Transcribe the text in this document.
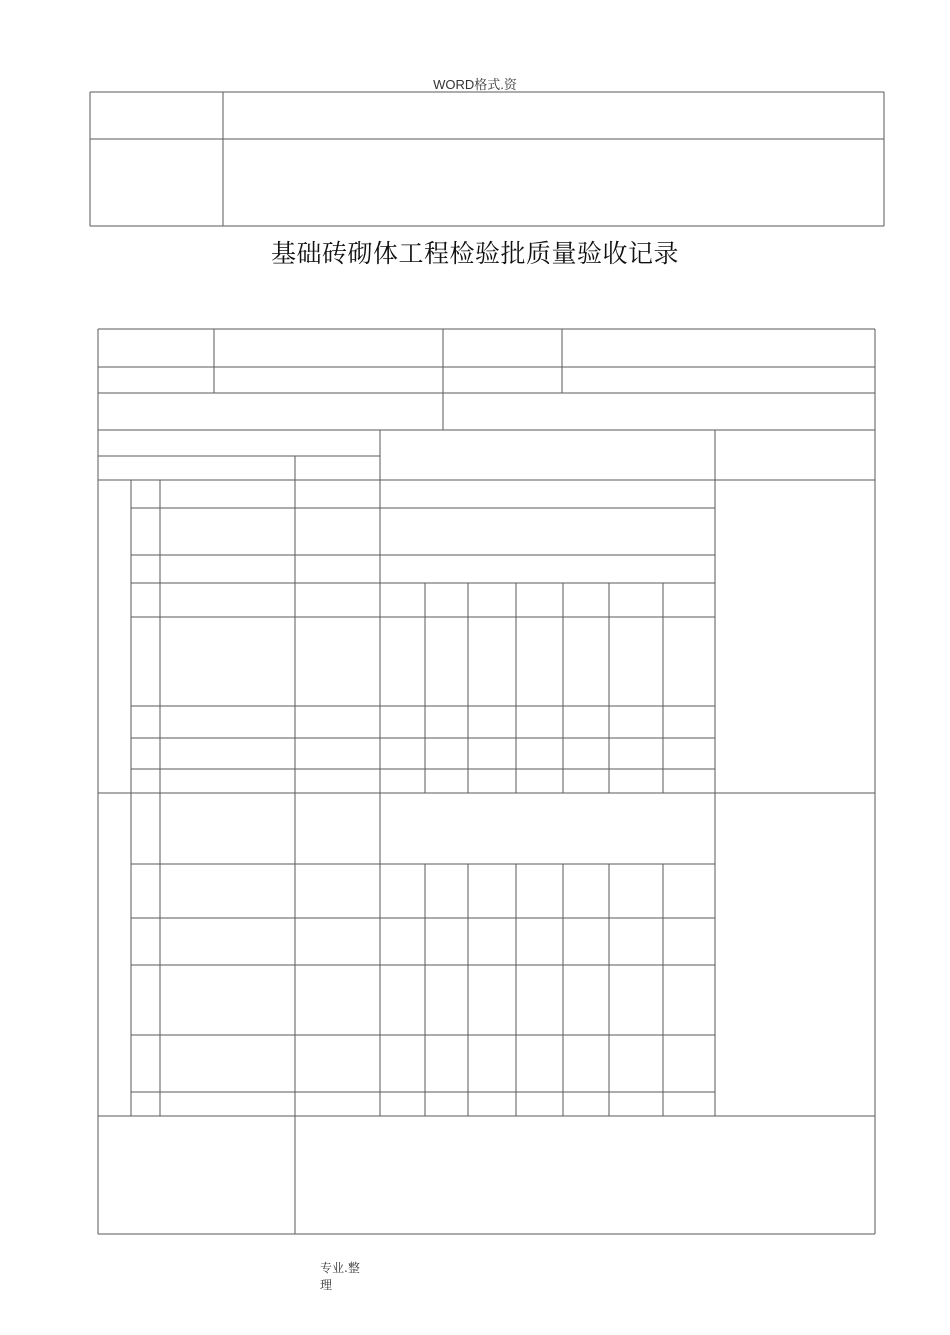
WORD格式.资
基础砖砌体工程检验批质量验收记录
专业.整
理
